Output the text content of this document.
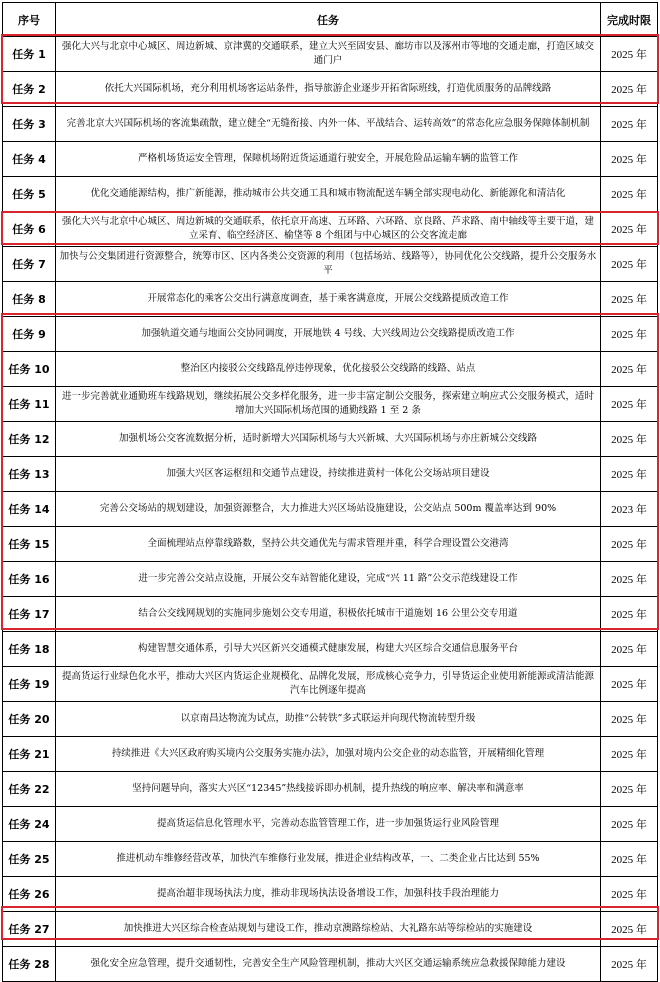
序号	任务	完成时限
任务 1	强化大兴与北京中心城区、周边新城、京津冀的交通联系，建立大兴至固安县、廊坊市以及涿州市等地的交通走廊，打造区域交通门户	2025 年
任务 2	依托大兴国际机场，充分利用机场客运站条件，指导旅游企业逐步开拓省际班线，打造优质服务的品牌线路	2025 年
任务 3	完善北京大兴国际机场的客流集疏散，建立健全“无缝衔接、内外一体、平战结合、运转高效”的常态化应急服务保障体制机制	2025 年
任务 4	严格机场货运安全管理，保障机场附近货运通道行驶安全，开展危险品运输车辆的监管工作	2025 年
任务 5	优化交通能源结构，推广新能源，推动城市公共交通工具和城市物流配送车辆全部实现电动化、新能源化和清洁化	2025 年
任务 6	强化大兴与北京中心城区、周边新城的交通联系，依托京开高速、五环路、六环路、京良路、芦求路、南中轴线等主要干道，建立采育、临空经济区、榆垡等 8 个组团与中心城区的公交客流走廊	2025 年
任务 7	加快与公交集团进行资源整合，统筹市区、区内各类公交资源的利用（包括场站、线路等），协同优化公交线路，提升公交服务水平	2025 年
任务 8	开展常态化的乘客公交出行满意度调查，基于乘客满意度，开展公交线路提质改造工作	2025 年
任务 9	加强轨道交通与地面公交协同调度，开展地铁 4 号线、大兴线周边公交线路提质改造工作	2025 年
任务 10	整治区内接驳公交线路乱停违停现象，优化接驳公交线路的线路、站点	2025 年
任务 11	进一步完善就业通勤班车线路规划，继续拓展公交多样化服务，进一步丰富定制公交服务，探索建立响应式公交服务模式，适时增加大兴国际机场范围的通勤线路 1 至 2 条	2025 年
任务 12	加强机场公交客流数据分析，适时新增大兴国际机场与大兴新城、大兴国际机场与亦庄新城公交线路	2025 年
任务 13	加强大兴区客运枢纽和交通节点建设，持续推进黄村一体化公交场站项目建设	2025 年
任务 14	完善公交场站的规划建设，加强资源整合，大力推进大兴区场站设施建设，公交站点 500m 覆盖率达到 90%	2023 年
任务 15	全面梳理站点停靠线路数，坚持公共交通优先与需求管理并重，科学合理设置公交港湾	2025 年
任务 16	进一步完善公交站点设施，开展公交车站智能化建设，完成“兴 11 路”公交示范线建设工作	2025 年
任务 17	结合公交线网规划的实施同步施划公交专用道，积极依托城市干道施划 16 公里公交专用道	2025 年
任务 18	构建智慧交通体系，引导大兴区新兴交通模式健康发展，构建大兴区综合交通信息服务平台	2025 年
任务 19	提高货运行业绿色化水平，推动大兴区内货运企业规模化、品牌化发展，形成核心竞争力，引导货运企业使用新能源或清洁能源汽车比例逐年提高	2025 年
任务 20	以京南昌达物流为试点，助推“公转铁”多式联运并向现代物流转型升级	2025 年
任务 21	持续推进《大兴区政府购买境内公交服务实施办法》，加强对境内公交企业的动态监管，开展精细化管理	2025 年
任务 22	坚持问题导向，落实大兴区“12345”热线接诉即办机制，提升热线的响应率、解决率和满意率	2025 年
任务 24	提高货运信息化管理水平，完善动态监管管理工作，进一步加强货运行业风险管理	2025 年
任务 25	推进机动车维修经营改革，加快汽车维修行业发展，推进企业结构改革，一、二类企业占比达到 55%	2025 年
任务 26	提高治超非现场执法力度，推动非现场执法设备增设工作，加强科技手段治理能力	2025 年
任务 27	加快推进大兴区综合检查站规划与建设工作，推动京澳路综检站、大礼路东站等综检站的实施建设	2025 年
任务 28	强化安全应急管理，提升交通韧性，完善安全生产风险管理机制，推动大兴区交通运输系统应急救援保障能力建设	2025 年
